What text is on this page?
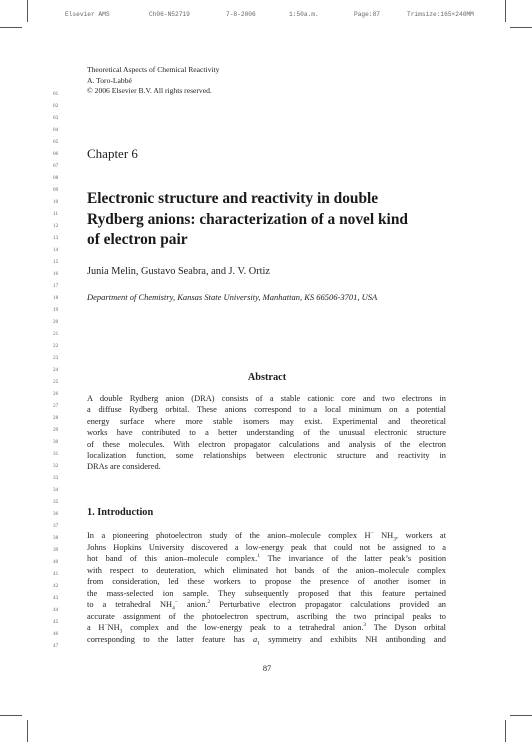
Elsevier AMS	Ch06-N52719	7-8-2006	1:50a.m.	Page:87	Trimsize:165×240MM
Theoretical Aspects of Chemical Reactivity
A. Toro-Labbé
© 2006 Elsevier B.V. All rights reserved.
01
02
03
04
05
06
07
08
09
10
11
12
13
14
15
16
17
18
19
20
21
22
23
24
25
26
27
28
29
30
31
32
33
34
35
36
37
38
39
40
41
42
43
44
45
46
47
Chapter 6
Electronic structure and reactivity in double
Rydberg anions: characterization of a novel kind
of electron pair
Junia Melin, Gustavo Seabra, and J. V. Ortiz
Department of Chemistry, Kansas State University, Manhattan, KS 66506-3701, USA
Abstract
A double Rydberg anion (DRA) consists of a stable cationic core and two electrons in
a diffuse Rydberg orbital. These anions correspond to a local minimum on a potential
energy surface where more stable isomers may exist. Experimental and theoretical
works have contributed to a better understanding of the unusual electronic structure
of these molecules. With electron propagator calculations and analysis of the electron
localization function, some relationships between electronic structure and reactivity in
DRAs are considered.
1. Introduction
In a pioneering photoelectron study of the anion–molecule complex H− $NH_3$, workers at
Johns Hopkins University discovered a low-energy peak that could not be assigned to a
hot band of this anion–molecule complex.$^1$ The invariance of the latter peak’s position
with respect to deuteration, which eliminated hot bands of the anion–molecule complex
from consideration, led these workers to propose the presence of another isomer in
the mass-selected ion sample. They subsequently proposed that this feature pertained
to a tetrahedral $NH_4^-$ anion.$^2$ Perturbative electron propagator calculations provided an
accurate assignment of the photoelectron spectrum, ascribing the two principal peaks to
a $H^-NH_3$ complex and the low-energy peak to a tetrahedral anion.$^3$ The Dyson orbital
corresponding to the latter feature has $a_1$ symmetry and exhibits NH antibonding and
87
